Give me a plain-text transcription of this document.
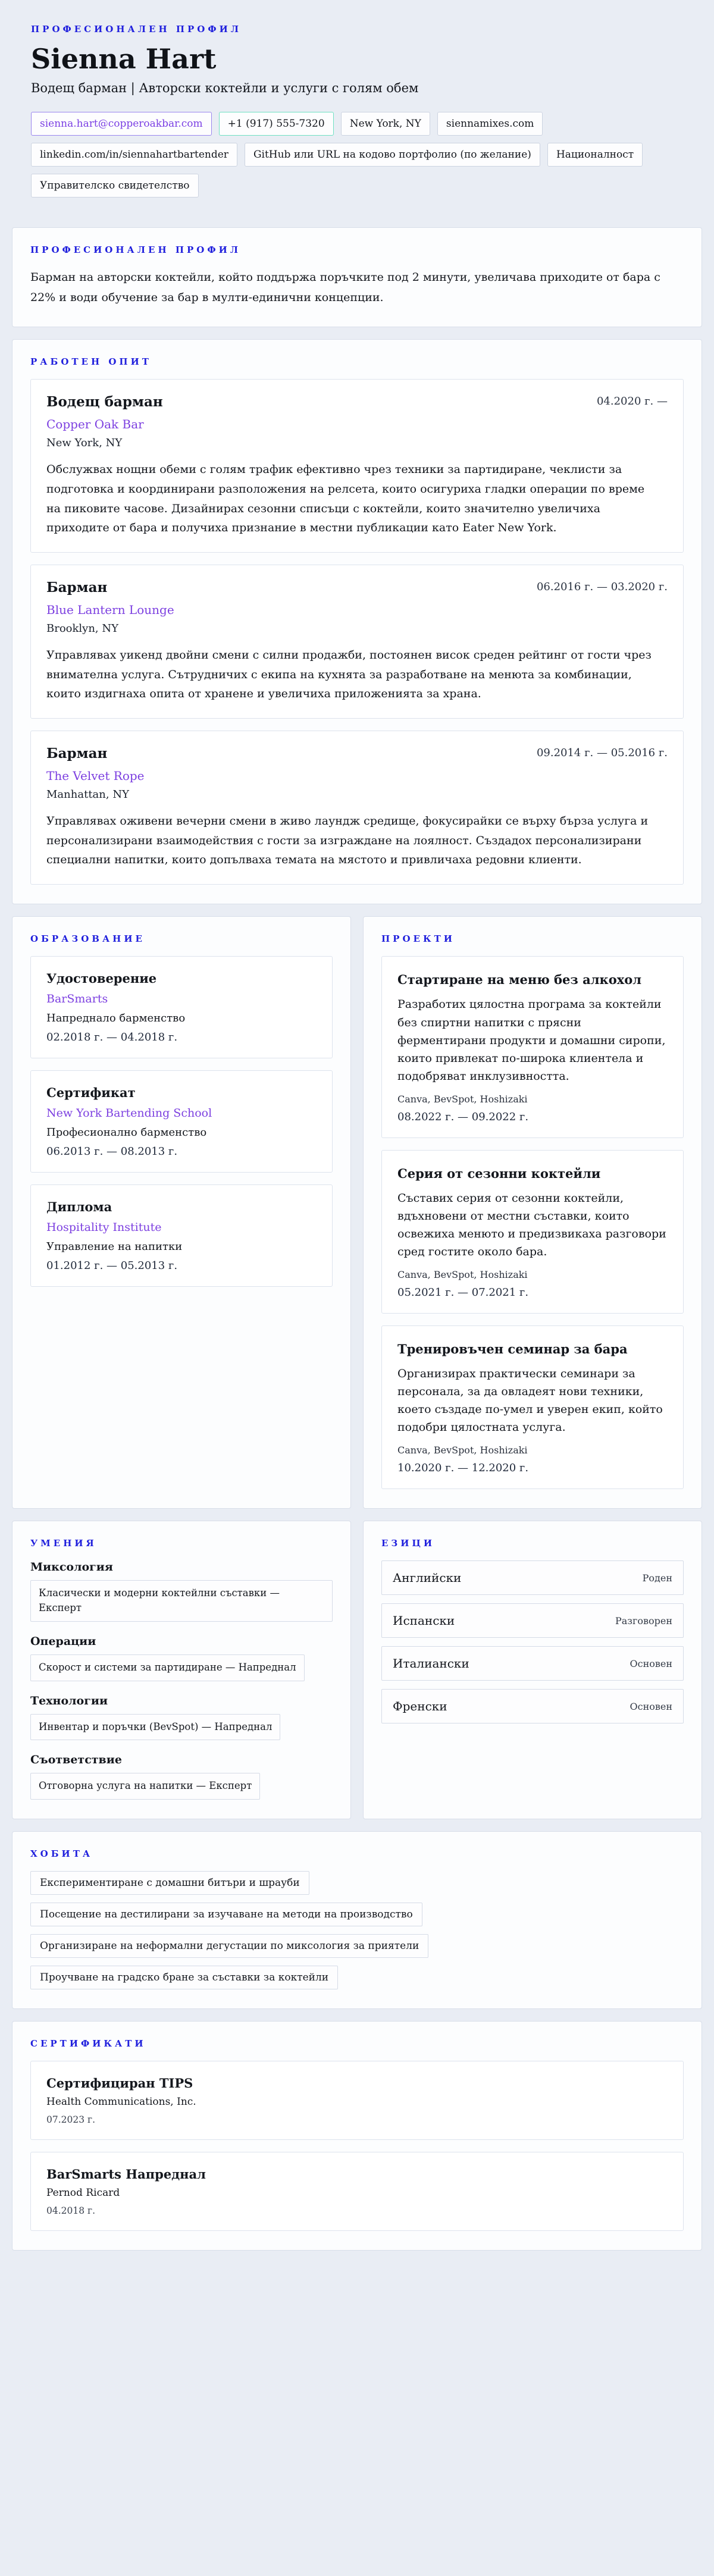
ПРОФЕСИОНАЛЕН ПРОФИЛ
Sienna Hart
Водещ барман | Авторски коктейли и услуги с голям обем
sienna.hart@copperoakbar.com	+1 (917) 555-7320	New York, NY	siennamixes.com
linkedin.com/in/siennahartbartender	GitHub или URL на кодово портфолио (по желание)	Националност
Управителско свидетелство
ПРОФЕСИОНАЛЕН ПРОФИЛ

Барман на авторски коктейли, който поддържа поръчките под 2 минути, увеличава приходите от бара с 22% и води обучение за бар в мулти-единични концепции.

РАБОТЕН ОПИТ
Водещ барман	04.2020 г. —
Copper Oak Bar
New York, NY
Обслужвах нощни обеми с голям трафик ефективно чрез техники за партидиране, чеклисти за подготовка и координирани разположения на релсета, които осигуриха гладки операции по време на пиковите часове. Дизайнирах сезонни списъци с коктейли, които значително увеличиха приходите от бара и получиха признание в местни публикации като Eater New York.
Барман	06.2016 г. — 03.2020 г.
Blue Lantern Lounge
Brooklyn, NY
Управлявах уикенд двойни смени с силни продажби, постоянен висок среден рейтинг от гости чрез внимателна услуга. Сътрудничих с екипа на кухнята за разработване на менюта за комбинации, които издигнаха опита от хранене и увеличиха приложенията за храна.
Барман	09.2014 г. — 05.2016 г.
The Velvet Rope
Manhattan, NY
Управлявах оживени вечерни смени в живо лаундж средище, фокусирайки се върху бърза услуга и персонализирани взаимодействия с гости за изграждане на лоялност. Създадох персонализирани специални напитки, които допълваха темата на мястото и привличаха редовни клиенти.
ОБРАЗОВАНИЕ
Удостоверение
BarSmarts
Напреднало барменство
02.2018 г. — 04.2018 г.
Сертификат
New York Bartending School
Професионално барменство
06.2013 г. — 08.2013 г.
Диплома
Hospitality Institute
Управление на напитки
01.2012 г. — 05.2013 г.
ПРОЕКТИ
Стартиране на меню без алкохол
Разработих цялостна програма за коктейли без спиртни напитки с прясни ферментирани продукти и домашни сиропи, които привлекат по-широка клиентела и подобряват инклузивността.
Canva, BevSpot, Hoshizaki
08.2022 г. — 09.2022 г.
Серия от сезонни коктейли
Съставих серия от сезонни коктейли, вдъхновени от местни съставки, които освежиха менюто и предизвикаха разговори сред гостите около бара.
Canva, BevSpot, Hoshizaki
05.2021 г. — 07.2021 г.
Тренировъчен семинар за бара
Организирах практически семинари за персонала, за да овладеят нови техники, което създаде по-умел и уверен екип, който подобри цялостната услуга.
Canva, BevSpot, Hoshizaki
10.2020 г. — 12.2020 г.
УМЕНИЯ
Миксология
Класически и модерни коктейлни съставки — Експерт
Операции
Скорост и системи за партидиране — Напреднал
Технологии
Инвентар и поръчки (BevSpot) — Напреднал
Съответствие
Отговорна услуга на напитки — Експерт
ЕЗИЦИ
Английски	Роден
Испански	Разговорен
Италиански	Основен
Френски	Основен
ХОБИТА
Експериментиране с домашни битъри и шрауби
Посещение на дестилирани за изучаване на методи на производство
Организиране на неформални дегустации по миксология за приятели
Проучване на градско бране за съставки за коктейли
СЕРТИФИКАТИ
Сертифициран TIPS
Health Communications, Inc.
07.2023 г.
BarSmarts Напреднал
Pernod Ricard
04.2018 г.
